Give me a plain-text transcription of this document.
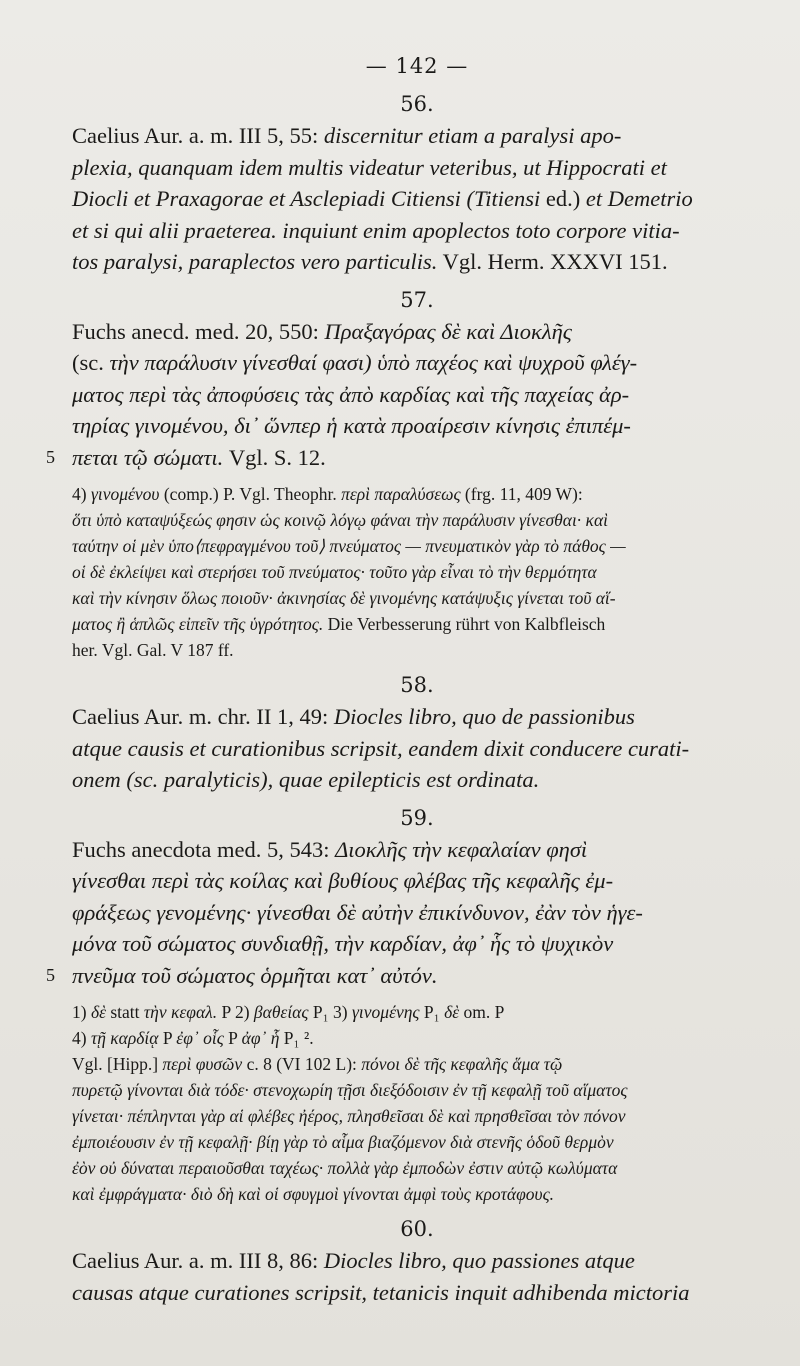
— 142 —
56.
Caelius Aur. a. m. III 5, 55: discernitur etiam a paralysi apo-
plexia, quanquam idem multis videatur veteribus, ut Hippocrati et
Diocli et Praxagorae et Asclepiadi Citiensi (Titiensi ed.) et Demetrio
et si qui alii praeterea. inquiunt enim apoplectos toto corpore vitia-
tos paralysi, paraplectos vero particulis. Vgl. Herm. XXXVI 151.
57.
Fuchs anecd. med. 20, 550: Πραξαγόρας δὲ καὶ Διοκλῆς
(sc. τὴν παράλυσιν γίνεσθαί φασι) ὑπὸ παχέος καὶ ψυχροῦ φλέγ-
ματος περὶ τὰς ἀποφύσεις τὰς ἀπὸ καρδίας καὶ τῆς παχείας ἀρ-
τηρίας γινομένου, δι᾽ ὥνπερ ἡ κατὰ προαίρεσιν κίνησις ἐπιπέμ-
5 πεται τῷ σώματι. Vgl. S. 12.
4) γινομένου (comp.) P. Vgl. Theophr. περὶ παραλύσεως (frg. 11, 409 W):
ὅτι ὑπὸ καταψύξεώς φησιν ὡς κοινῷ λόγῳ φάναι τὴν παράλυσιν γίνεσθαι· καὶ
ταύτην οἱ μὲν ὑπο⟨πεφραγμένου τοῦ⟩ πνεύματος — πνευματικὸν γὰρ τὸ πάθος —
οἱ δὲ ἐκλείψει καὶ στερήσει τοῦ πνεύματος· τοῦτο γὰρ εἶναι τὸ τὴν θερμότητα
καὶ τὴν κίνησιν ὅλως ποιοῦν· ἀκινησίας δὲ γινομένης κατάψυξις γίνεται τοῦ αἵ-
ματος ἢ ἁπλῶς εἰπεῖν τῆς ὑγρότητος. Die Verbesserung rührt von Kalbfleisch
her. Vgl. Gal. V 187 ff.
58.
Caelius Aur. m. chr. II 1, 49: Diocles libro, quo de passionibus
atque causis et curationibus scripsit, eandem dixit conducere curati-
onem (sc. paralyticis), quae epilepticis est ordinata.
59.
Fuchs anecdota med. 5, 543: Διοκλῆς τὴν κεφαλαίαν φησὶ
γίνεσθαι περὶ τὰς κοίλας καὶ βυθίους φλέβας τῆς κεφαλῆς ἐμ-
φράξεως γενομένης· γίνεσθαι δὲ αὐτὴν ἐπικίνδυνον, ἐὰν τὸν ἡγε-
μόνα τοῦ σώματος συνδιαθῇ, τὴν καρδίαν, ἀφ᾽ ἧς τὸ ψυχικὸν
5 πνεῦμα τοῦ σώματος ὁρμῆται κατ᾽ αὐτόν.
1) δὲ statt τὴν κεφαλ. P 2) βαθείας P₁ 3) γινομένης P₁ δὲ om. P
4) τῇ καρδίᾳ P ἐφ᾽ οἷς P ἀφ᾽ ἧ P₁ ².
Vgl. [Hipp.] περὶ φυσῶν c. 8 (VI 102 L): πόνοι δὲ τῆς κεφαλῆς ἅμα τῷ
πυρετῷ γίνονται διὰ τόδε· στενοχωρίη τῇσι διεξόδοισιν ἐν τῇ κεφαλῇ τοῦ αἵματος
γίνεται· πέπληνται γὰρ αἱ φλέβες ἠέρος, πλησθεῖσαι δὲ καὶ πρησθεῖσαι τὸν πόνον
ἐμποιέουσιν ἐν τῇ κεφαλῇ· βίῃ γὰρ τὸ αἷμα βιαζόμενον διὰ στενῆς ὁδοῦ θερμὸν
ἐὸν οὐ δύναται περαιοῦσθαι ταχέως· πολλὰ γὰρ ἐμποδὼν ἐστιν αὐτῷ κωλύματα
καὶ ἐμφράγματα· διὸ δὴ καὶ οἱ σφυγμοὶ γίνονται ἀμφὶ τοὺς κροτάφους.
60.
Caelius Aur. a. m. III 8, 86: Diocles libro, quo passiones atque
causas atque curationes scripsit, tetanicis inquit adhibenda mictoria
